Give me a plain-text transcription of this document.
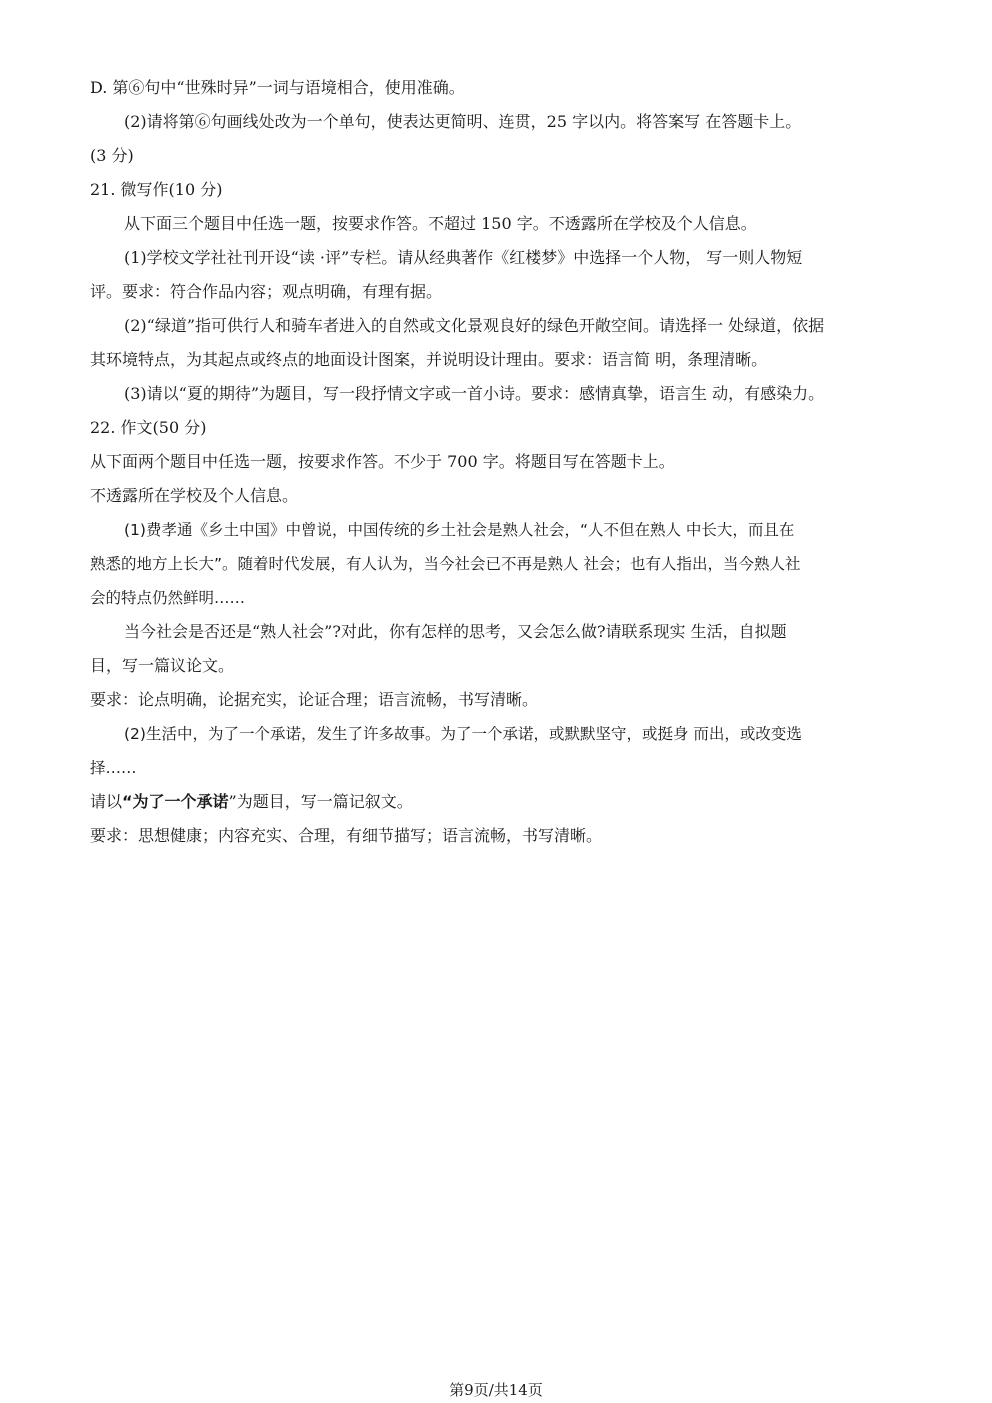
D. 第⑥句中“世殊时异”一词与语境相合，使用准确。
(2)请将第⑥句画线处改为一个单句，使表达更简明、连贯，25 字以内。将答案写 在答题卡上。
(3 分)
21. 微写作(10 分)
从下面三个题目中任选一题，按要求作答。不超过 150 字。不透露所在学校及个人信息。
(1)学校文学社社刊开设“读 ·评”专栏。请从经典著作《红楼梦》中选择一个人物， 写一则人物短
评。要求：符合作品内容；观点明确，有理有据。
(2)“绿道”指可供行人和骑车者进入的自然或文化景观良好的绿色开敞空间。请选择一 处绿道，依据
其环境特点，为其起点或终点的地面设计图案，并说明设计理由。要求：语言简 明，条理清晰。
(3)请以“夏的期待”为题目，写一段抒情文字或一首小诗。要求：感情真挚，语言生 动，有感染力。
22. 作文(50 分)
从下面两个题目中任选一题，按要求作答。不少于 700 字。将题目写在答题卡上。
不透露所在学校及个人信息。
(1)费孝通《乡土中国》中曾说，中国传统的乡土社会是熟人社会，“人不但在熟人 中长大，而且在
熟悉的地方上长大”。随着时代发展，有人认为，当今社会已不再是熟人 社会；也有人指出，当今熟人社
会的特点仍然鲜明……
当今社会是否还是“熟人社会”?对此，你有怎样的思考，又会怎么做?请联系现实 生活，自拟题
目，写一篇议论文。
要求：论点明确，论据充实，论证合理；语言流畅，书写清晰。
(2)生活中，为了一个承诺，发生了许多故事。为了一个承诺，或默默坚守，或挺身 而出，或改变选
择……
请以“为了一个承诺”为题目，写一篇记叙文。
要求：思想健康；内容充实、合理，有细节描写；语言流畅，书写清晰。
第9页/共14页
